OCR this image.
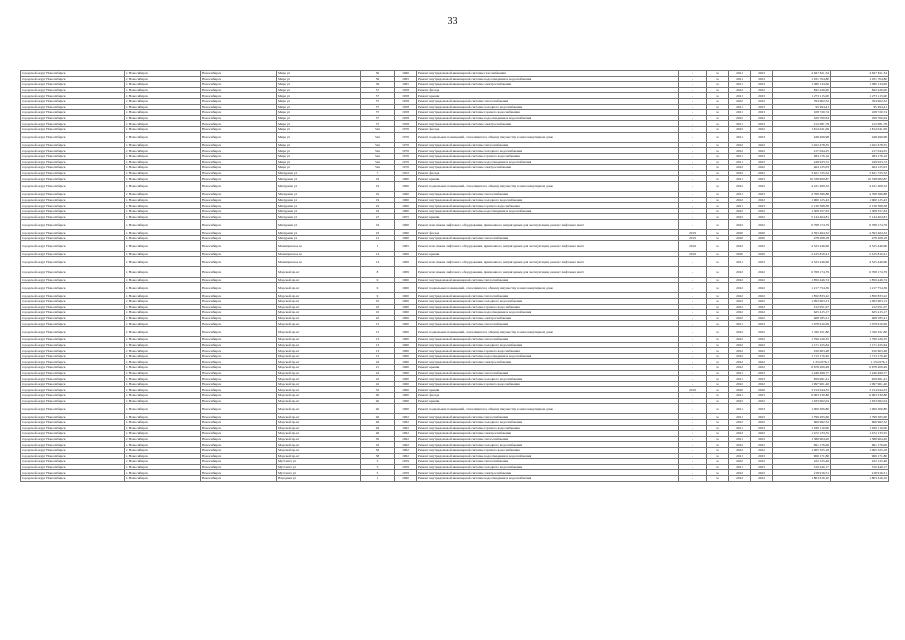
33
городской округ Новосибирск	г. Новосибирск	Новосибирск	Мира ул	50	1966	Ремонт внутридомовой инженерной системы газоснабжения	-	м	2021	2023	4 627 811,34	4 627 811,34
городской округ Новосибирск	г. Новосибирск	Новосибирск	Мира ул	56	1965	Ремонт внутридомовой инженерной системы водоотведения и водоснабжения	-	м	2021	2023	1 031 704,80	1 031 704,80
городской округ Новосибирск	г. Новосибирск	Новосибирск	Мира ул	56	1965	Ремонт внутридомовой инженерной системы электроснабжения	-	м	2021	2023	1 380 134,00	1 380 134,00
городской округ Новосибирск	г. Новосибирск	Новосибирск	Мира ул	57	1958	Ремонт фасада	-	м	2022	2022	842 226,00	842 226,00
городской округ Новосибирск	г. Новосибирск	Новосибирск	Мира ул	57	1958	Ремонт крыши	-	м	2021	2023	1 273 115,00	1 273 115,00
городской округ Новосибирск	г. Новосибирск	Новосибирск	Мира ул	57	1958	Ремонт внутридомовой инженерной системы теплоснабжения	-	м	2022	2022	764 902,52	764 902,52
городской округ Новосибирск	г. Новосибирск	Новосибирск	Мира ул	57	1958	Ремонт внутридомовой инженерной системы холодного водоснабжения	-	м	2021	2023	95 494,41	95 494,41
городской округ Новосибирск	г. Новосибирск	Новосибирск	Мира ул	57	1958	Ремонт внутридомовой инженерной системы горячего водоснабжения	-	м	2021	2023	108 720,74	108 720,74
городской округ Новосибирск	г. Новосибирск	Новосибирск	Мира ул	57	1958	Ремонт внутридомовой инженерной системы водоотведения и водоснабжения	-	м	2022	2022	169 700,94	169 700,94
городской округ Новосибирск	г. Новосибирск	Новосибирск	Мира ул	57	1958	Ремонт внутридомовой инженерной системы электроснабжения	-	м	2021	2023	212 081,78	212 081,78
городской округ Новосибирск	г. Новосибирск	Новосибирск	Мира ул	54а	1976	Ремонт фасада	-	м	2022	2022	1 814 041,09	1 814 041,09
городской округ Новосибирск	г. Новосибирск	Новосибирск	Мира ул	54а	1976	Ремонт подвальных помещений, относящихся к общему имуществу в многоквартирном доме	-	м	2021	2023	448 499,98	448 499,98
городской округ Новосибирск	г. Новосибирск	Новосибирск	Мира ул	54а	1976	Ремонт внутридомовой инженерной системы теплоснабжения	-	м	2022	2022	1 022 478,35	1 022 478,35
городской округ Новосибирск	г. Новосибирск	Новосибирск	Мира ул	54а	1976	Ремонт внутридомовой инженерной системы холодного водоснабжения	-	м	2022	2022	217 044,25	217 044,25
городской округ Новосибирск	г. Новосибирск	Новосибирск	Мира ул	54а	1976	Ремонт внутридомовой инженерной системы горячего водоснабжения	-	м	2021	2023	284 176,16	284 176,16
городской округ Новосибирск	г. Новосибирск	Новосибирск	Мира ул	54а	1976	Ремонт внутридомовой инженерной системы водоотведения и водоснабжения	-	м	2021	2023	249 923,72	249 923,72
городской округ Новосибирск	г. Новосибирск	Новосибирск	Мира ул	54а	1976	Ремонт внутридомовой инженерной системы электроснабжения	-	м	2022	2022	464 125,03	464 125,03
городской округ Новосибирск	г. Новосибирск	Новосибирск	Мичурина ул	7	1952	Ремонт фасада	-	м	2022	2022	3 621 725,52	3 621 725,52
городской округ Новосибирск	г. Новосибирск	Новосибирск	Мичурина ул	19	1960	Ремонт крыши	-	м	2021	2023	10 338 900,87	10 338 900,87
городской округ Новосибирск	г. Новосибирск	Новосибирск	Мичурина ул	19	1960	Ремонт подвальных помещений, относящихся к общему имуществу в многоквартирном доме	-	м	2022	2022	4 431 409,52	4 431 409,52
городской округ Новосибирск	г. Новосибирск	Новосибирск	Мичурина ул	19	1960	Ремонт внутридомовой инженерной системы теплоснабжения	-	м	2021	2023	4 768 366,88	4 768 366,88
городской округ Новосибирск	г. Новосибирск	Новосибирск	Мичурина ул	19	1960	Ремонт внутридомовой инженерной системы холодного водоснабжения	-	м	2022	2022	1 960 125,43	1 960 125,43
городской округ Новосибирск	г. Новосибирск	Новосибирск	Мичурина ул	19	1960	Ремонт внутридомовой инженерной системы горячего водоснабжения	-	м	2021	2023	2 136 368,38	2 136 368,38
городской округ Новосибирск	г. Новосибирск	Новосибирск	Мичурина ул	19	1960	Ремонт внутридомовой инженерной системы водоотведения и водоснабжения	-	м	2022	2022	1 308 357,63	1 308 357,63
городской округ Новосибирск	г. Новосибирск	Новосибирск	Мичурина ул	27	1955	Ремонт крыши	-	м	2022	2022	5 144 404,81	5 144 404,81
городской округ Новосибирск	г. Новосибирск	Новосибирск	Мичурина ул	19	1960	Ремонт или замена лифтового оборудования, признанного непригодным для эксплуатации, ремонт лифтовых шахт	-	м	2022	2022	6 768 174,79	6 768 174,79
городской округ Новосибирск	г. Новосибирск	Новосибирск	Мичурина ул	19	1960	Ремонт фасада	2019	м	2020	2020	4 593 464,32	4 593 464,32
городской округ Новосибирск	г. Новосибирск	Новосибирск	Мичурина ул	21	1960	Ремонт внутридомовой инженерной системы теплоснабжения	2019	м	2020	2020	478 208,18	478 208,18
городской округ Новосибирск	г. Новосибирск	Новосибирск	Мочищенское ш	1	1965	Ремонт или замена лифтового оборудования, признанного непригодным для эксплуатации, ремонт лифтовых шахт	2019	м	2022	2022	4 525 446,96	4 525 446,96
городской округ Новосибирск	г. Новосибирск	Новосибирск	Мочищенское ш	14	1966	Ремонт крыши	2019	м	2020	2020	2 415 810,41	2 415 810,41
городской округ Новосибирск	г. Новосибирск	Новосибирск	Мочищенское ш	14	1966	Ремонт или замена лифтового оборудования, признанного непригодным для эксплуатации, ремонт лифтовых шахт	-	м	2021	2023	4 525 446,96	4 525 446,96
городской округ Новосибирск	г. Новосибирск	Новосибирск	Морской пр-кт	8	1969	Ремонт или замена лифтового оборудования, признанного непригодным для эксплуатации, ремонт лифтовых шахт	-	м	2022	2022	6 768 174,79	6 768 174,79
городской округ Новосибирск	г. Новосибирск	Новосибирск	Морской пр-кт	9	1960	Ремонт внутридомовой инженерной системы теплоснабжения	-	м	2022	2022	1 850 446,74	1 850 446,74
городской округ Новосибирск	г. Новосибирск	Новосибирск	Морской пр-кт	9	1960	Ремонт подвальных помещений, относящихся к общему имуществу в многоквартирном доме	-	м	2022	2022	1 217 754,39	1 217 754,39
городской округ Новосибирск	г. Новосибирск	Новосибирск	Морской пр-кт	9	1960	Ремонт внутридомовой инженерной системы теплоснабжения	-	м	2022	2022	1 850 833,22	1 850 833,22
городской округ Новосибирск	г. Новосибирск	Новосибирск	Морской пр-кт	10	1960	Ремонт внутридомовой инженерной системы холодного водоснабжения	-	м	2022	2022	1 093 603,13	1 093 603,13
городской округ Новосибирск	г. Новосибирск	Новосибирск	Морской пр-кт	10	1960	Ремонт внутридомовой инженерной системы горячего водоснабжения	-	м	2022	2022	212 051,07	212 051,07
городской округ Новосибирск	г. Новосибирск	Новосибирск	Морской пр-кт	10	1960	Ремонт внутридомовой инженерной системы водоотведения и водоснабжения	-	м	2022	2022	625 415,17	625 415,17
городской округ Новосибирск	г. Новосибирск	Новосибирск	Морской пр-кт	10	1960	Ремонт внутридомовой инженерной системы электроснабжения	-	м	2022	2022	468 185,21	468 185,21
городской округ Новосибирск	г. Новосибирск	Новосибирск	Морской пр-кт	13	1960	Ремонт внутридомовой инженерной системы теплоснабжения	-	м	2021	2023	1 078 610,09	1 078 610,09
городской округ Новосибирск	г. Новосибирск	Новосибирск	Морской пр-кт	13	1960	Ремонт подвальных помещений, относящихся к общему имуществу в многоквартирном доме	-	м	2022	2022	1 320 911,80	1 320 911,80
городской округ Новосибирск	г. Новосибирск	Новосибирск	Морской пр-кт	13	1960	Ремонт внутридомовой инженерной системы теплоснабжения	-	м	2022	2022	1 790 226,35	1 790 226,35
городской округ Новосибирск	г. Новосибирск	Новосибирск	Морской пр-кт	13	1960	Ремонт внутридомовой инженерной системы холодного водоснабжения	-	м	2022	2022	1 171 225,64	1 171 225,64
городской округ Новосибирск	г. Новосибирск	Новосибирск	Морской пр-кт	13	1960	Ремонт внутридомовой инженерной системы горячего водоснабжения	-	м	2022	2022	910 603,48	910 603,48
городской округ Новосибирск	г. Новосибирск	Новосибирск	Морской пр-кт	13	1960	Ремонт внутридомовой инженерной системы водоотведения и водоснабжения	-	м	2022	2022	1 713 170,40	1 713 170,40
городской округ Новосибирск	г. Новосибирск	Новосибирск	Морской пр-кт	16	1960	Ремонт внутридомовой инженерной системы электроснабжения	-	м	2022	2022	1 254 676,1	1 254 676,1
городской округ Новосибирск	г. Новосибирск	Новосибирск	Морской пр-кт	21	1960	Ремонт крыши	-	м	2022	2022	6 678 209,49	6 678 209,49
городской округ Новосибирск	г. Новосибирск	Новосибирск	Морской пр-кт	22	1960	Ремонт внутридомовой инженерной системы теплоснабжения	-	м	2021	2023	1 246 499,77	1 246 499,77
городской округ Новосибирск	г. Новосибирск	Новосибирск	Морской пр-кт	22	1960	Ремонт внутридомовой инженерной системы холодного водоснабжения	-	м	2021	2023	659 961,41	659 961,41
городской округ Новосибирск	г. Новосибирск	Новосибирск	Морской пр-кт	22	1960	Ремонт внутридомовой инженерной системы горячего водоснабжения	-	м	2022	2022	1 097 901,40	1 097 901,40
городской округ Новосибирск	г. Новосибирск	Новосибирск	Морской пр-кт	32	1960	Ремонт крыши	2019	м	2020	2020	3 154 044,33	3 154 044,33
городской округ Новосибирск	г. Новосибирск	Новосибирск	Морской пр-кт	40	1960	Ремонт фасада	-	м	2021	2023	6 063 230,86	6 063 230,86
городской округ Новосибирск	г. Новосибирск	Новосибирск	Морской пр-кт	40	1960	Ремонт крыши	-	м	2022	2022	1 633 062,04	1 633 062,04
городской округ Новосибирск	г. Новосибирск	Новосибирск	Морской пр-кт	40	1960	Ремонт подвальных помещений, относящихся к общему имуществу в многоквартирном доме	-	м	2021	2023	1 009 306,80	1 009 306,80
городской округ Новосибирск	г. Новосибирск	Новосибирск	Морской пр-кт	46	1962	Ремонт внутридомовой инженерной системы теплоснабжения	-	м	2021	2023	1 796 265,60	1 796 265,60
городской округ Новосибирск	г. Новосибирск	Новосибирск	Морской пр-кт	46	1962	Ремонт внутридомовой инженерной системы холодного водоснабжения	-	м	2022	2022	606 962,52	606 962,52
городской округ Новосибирск	г. Новосибирск	Новосибирск	Морской пр-кт	46	1962	Ремонт внутридомовой инженерной системы горячего водоснабжения	-	м	2021	2023	1 030 110,00	1 030 110,00
городской округ Новосибирск	г. Новосибирск	Новосибирск	Морской пр-кт	46	1962	Ремонт внутридомовой инженерной системы электроснабжения	-	м	2022	2022	1 472 133,55	1 472 133,55
городской округ Новосибирск	г. Новосибирск	Новосибирск	Морской пр-кт	50	1962	Ремонт внутридомовой инженерной системы теплоснабжения	-	м	2021	2023	1 586 904,20	1 586 904,20
городской округ Новосибирск	г. Новосибирск	Новосибирск	Морской пр-кт	52	1962	Ремонт внутридомовой инженерной системы холодного водоснабжения	-	м	2022	2022	691 176,09	691 176,09
городской округ Новосибирск	г. Новосибирск	Новосибирск	Морской пр-кт	56	1962	Ремонт внутридомовой инженерной системы горячего водоснабжения	-	м	2022	2022	1 065 325,18	1 065 325,18
городской округ Новосибирск	г. Новосибирск	Новосибирск	Морской пр-кт	58	1962	Ремонт внутридомовой инженерной системы водоотведения и водоснабжения	-	м	2021	2023	966 171,80	966 171,80
городской округ Новосибирск	г. Новосибирск	Новосибирск	Мустанга ул	5	1959	Ремонт внутридомовой инженерной системы теплоснабжения	-	м	2022	2022	222 125,46	222 125,46
городской округ Новосибирск	г. Новосибирск	Новосибирск	Мустанга ул	5	1959	Ремонт внутридомовой инженерной системы холодного водоснабжения	-	м	2021	2023	510 440,17	510 440,17
городской округ Новосибирск	г. Новосибирск	Новосибирск	Мустанга ул	5	1959	Ремонт внутридомовой инженерной системы электроснабжения	-	м	2022	2022	218 916,51	218 916,51
городской округ Новосибирск	г. Новосибирск	Новосибирск	Народная ул	1	1960	Ремонт внутридомовой инженерной системы водоотведения и водоснабжения	-	м	2022	2022	1 803 616,10	1 803 616,10
